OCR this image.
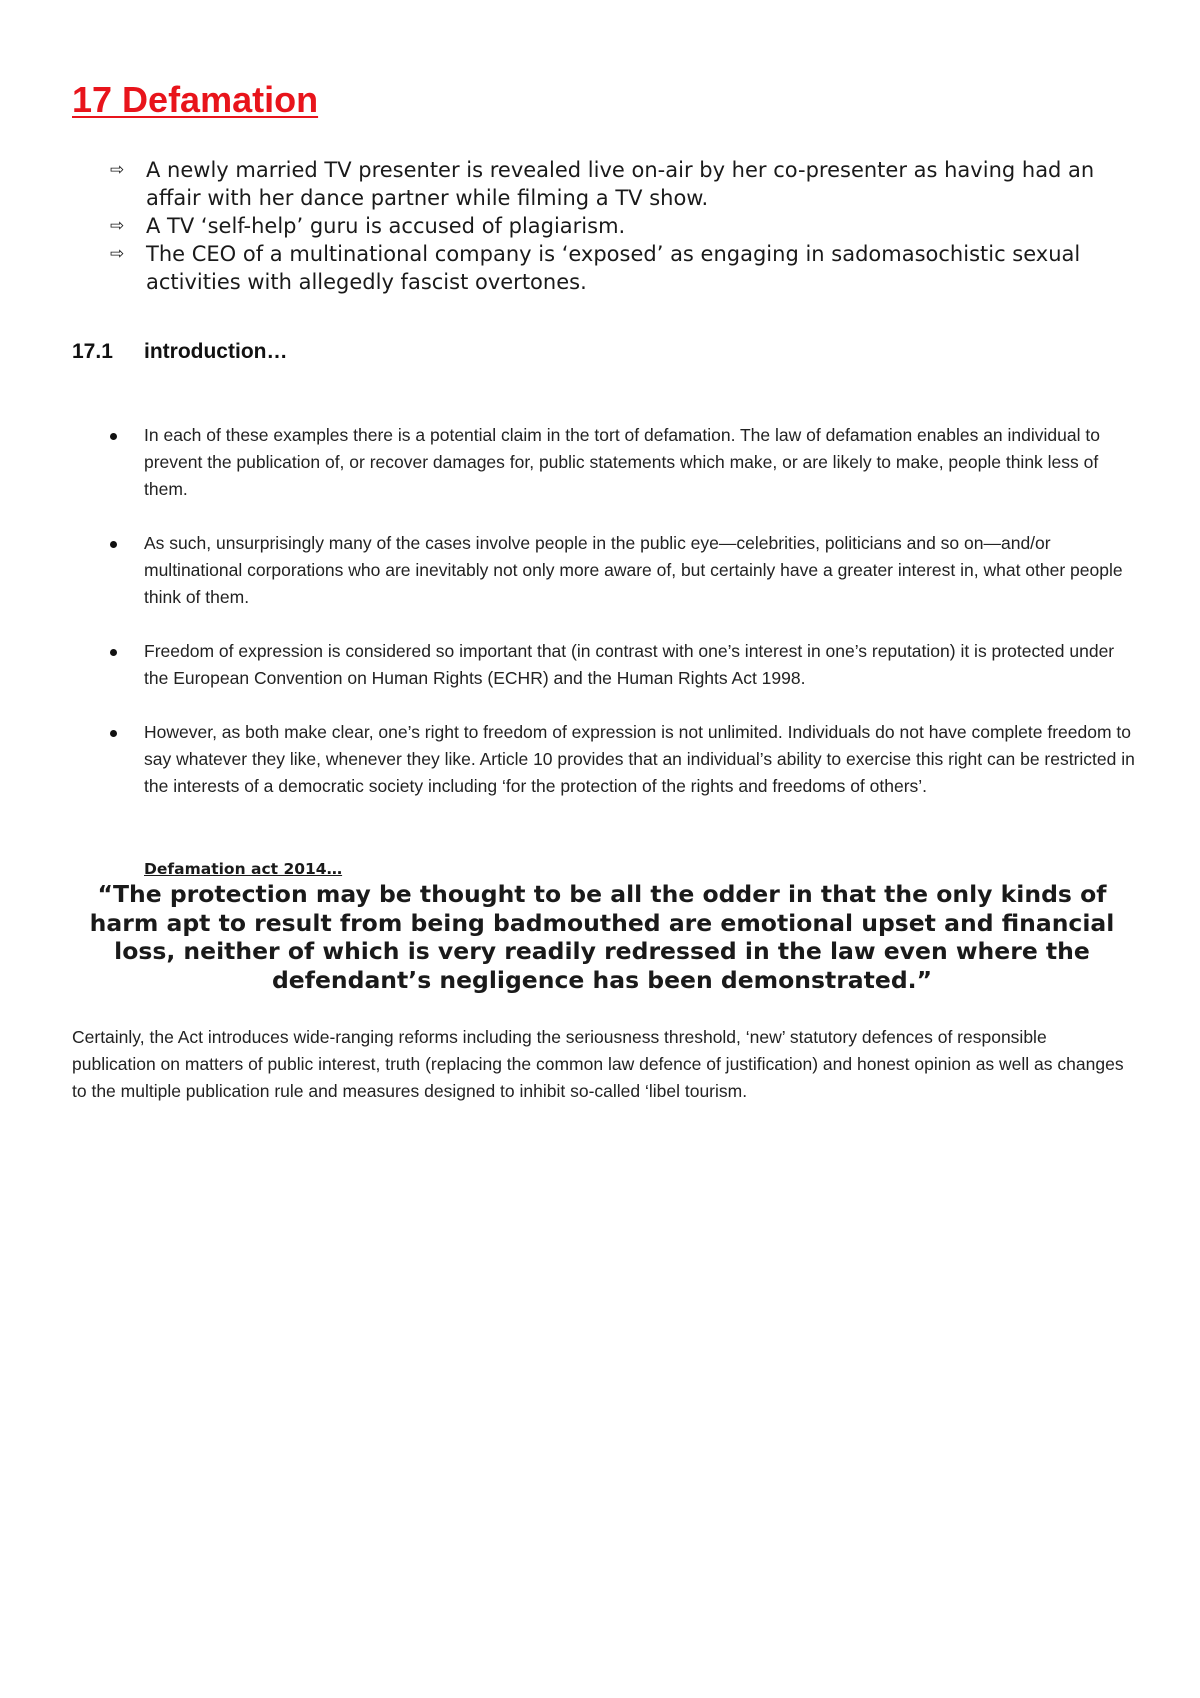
17 Defamation
⇨ A newly married TV presenter is revealed live on-air by her co-presenter as having had an affair with her dance partner while filming a TV show.
⇨ A TV ‘self-help’ guru is accused of plagiarism.
⇨ The CEO of a multinational company is ‘exposed’ as engaging in sadomasochistic sexual activities with allegedly fascist overtones.
17.1 introduction…
In each of these examples there is a potential claim in the tort of defamation. The law of defamation enables an individual to prevent the publication of, or recover damages for, public statements which make, or are likely to make, people think less of them.
As such, unsurprisingly many of the cases involve people in the public eye—celebrities, politicians and so on—and/or multinational corporations who are inevitably not only more aware of, but certainly have a greater interest in, what other people think of them.
Freedom of expression is considered so important that (in contrast with one’s interest in one’s reputation) it is protected under the European Convention on Human Rights (ECHR) and the Human Rights Act 1998.
However, as both make clear, one’s right to freedom of expression is not unlimited. Individuals do not have complete freedom to say whatever they like, whenever they like. Article 10 provides that an individual’s ability to exercise this right can be restricted in the interests of a democratic society including ‘for the protection of the rights and freedoms of others’.

Defamation act 2014…

“The protection may be thought to be all the odder in that the only kinds of harm apt to result from being badmouthed are emotional upset and financial loss, neither of which is very readily redressed in the law even where the defendant’s negligence has been demonstrated.”

Certainly, the Act introduces wide-ranging reforms including the seriousness threshold, ‘new’ statutory defences of responsible publication on matters of public interest, truth (replacing the common law defence of justification) and honest opinion as well as changes to the multiple publication rule and measures designed to inhibit so-called ‘libel tourism.
